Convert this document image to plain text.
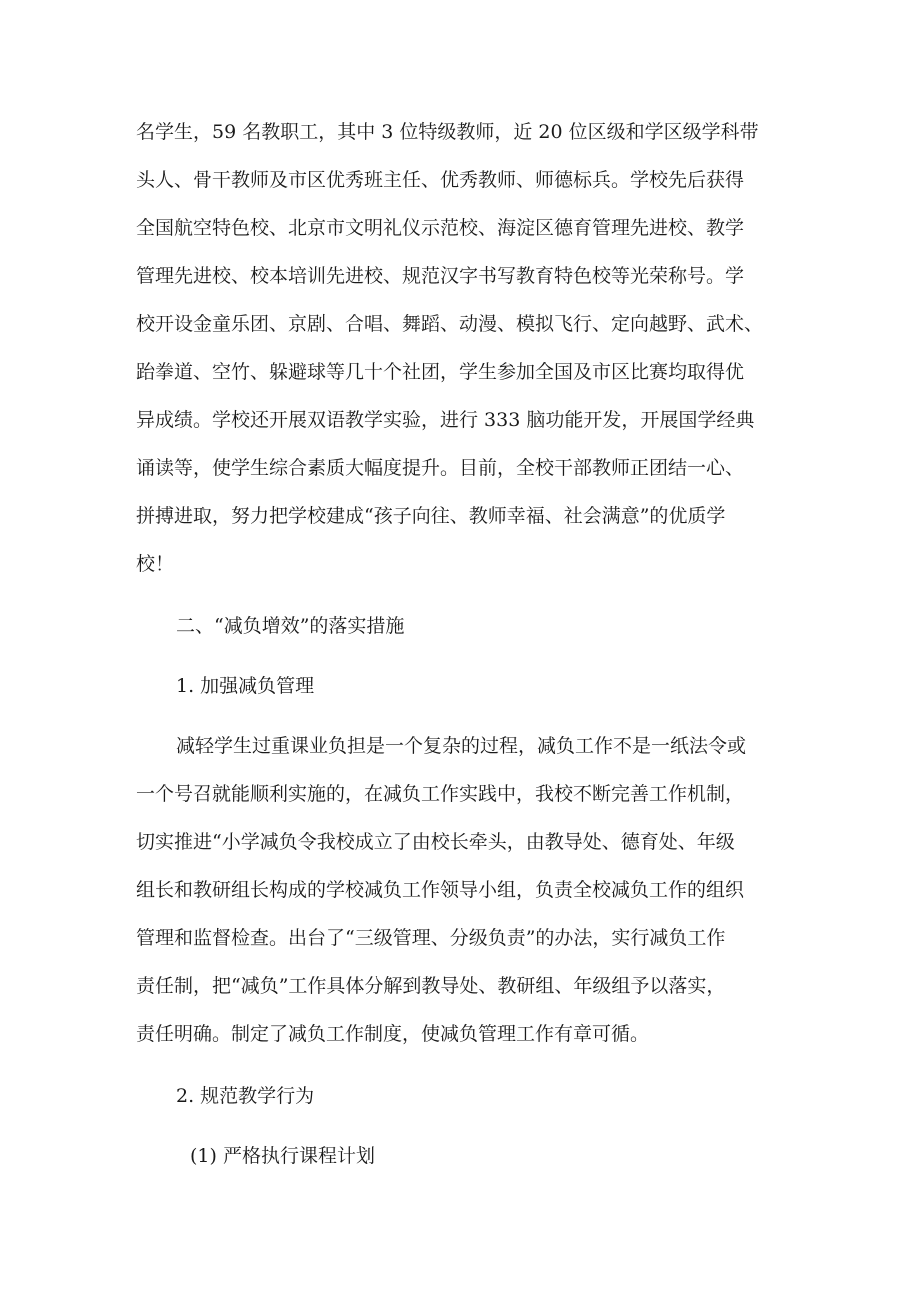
名学生，59 名教职工，其中 3 位特级教师，近 20 位区级和学区级学科带
头人、骨干教师及市区优秀班主任、优秀教师、师德标兵。学校先后获得
全国航空特色校、北京市文明礼仪示范校、海淀区德育管理先进校、教学
管理先进校、校本培训先进校、规范汉字书写教育特色校等光荣称号。学
校开设金童乐团、京剧、合唱、舞蹈、动漫、模拟飞行、定向越野、武术、
跆拳道、空竹、躲避球等几十个社团，学生参加全国及市区比赛均取得优
异成绩。学校还开展双语教学实验，进行 333 脑功能开发，开展国学经典
诵读等，使学生综合素质大幅度提升。目前，全校干部教师正团结一心、
拼搏进取，努力把学校建成“孩子向往、教师幸福、社会满意”的优质学
校！
二、“减负增效”的落实措施
1. 加强减负管理
减轻学生过重课业负担是一个复杂的过程，减负工作不是一纸法令或
一个号召就能顺利实施的，在减负工作实践中，我校不断完善工作机制，
切实推进“小学减负令我校成立了由校长牵头，由教导处、德育处、年级
组长和教研组长构成的学校减负工作领导小组，负责全校减负工作的组织
管理和监督检查。出台了“三级管理、分级负责”的办法，实行减负工作
责任制，把“减负”工作具体分解到教导处、教研组、年级组予以落实，
责任明确。制定了减负工作制度，使减负管理工作有章可循。
2. 规范教学行为
(1) 严格执行课程计划
